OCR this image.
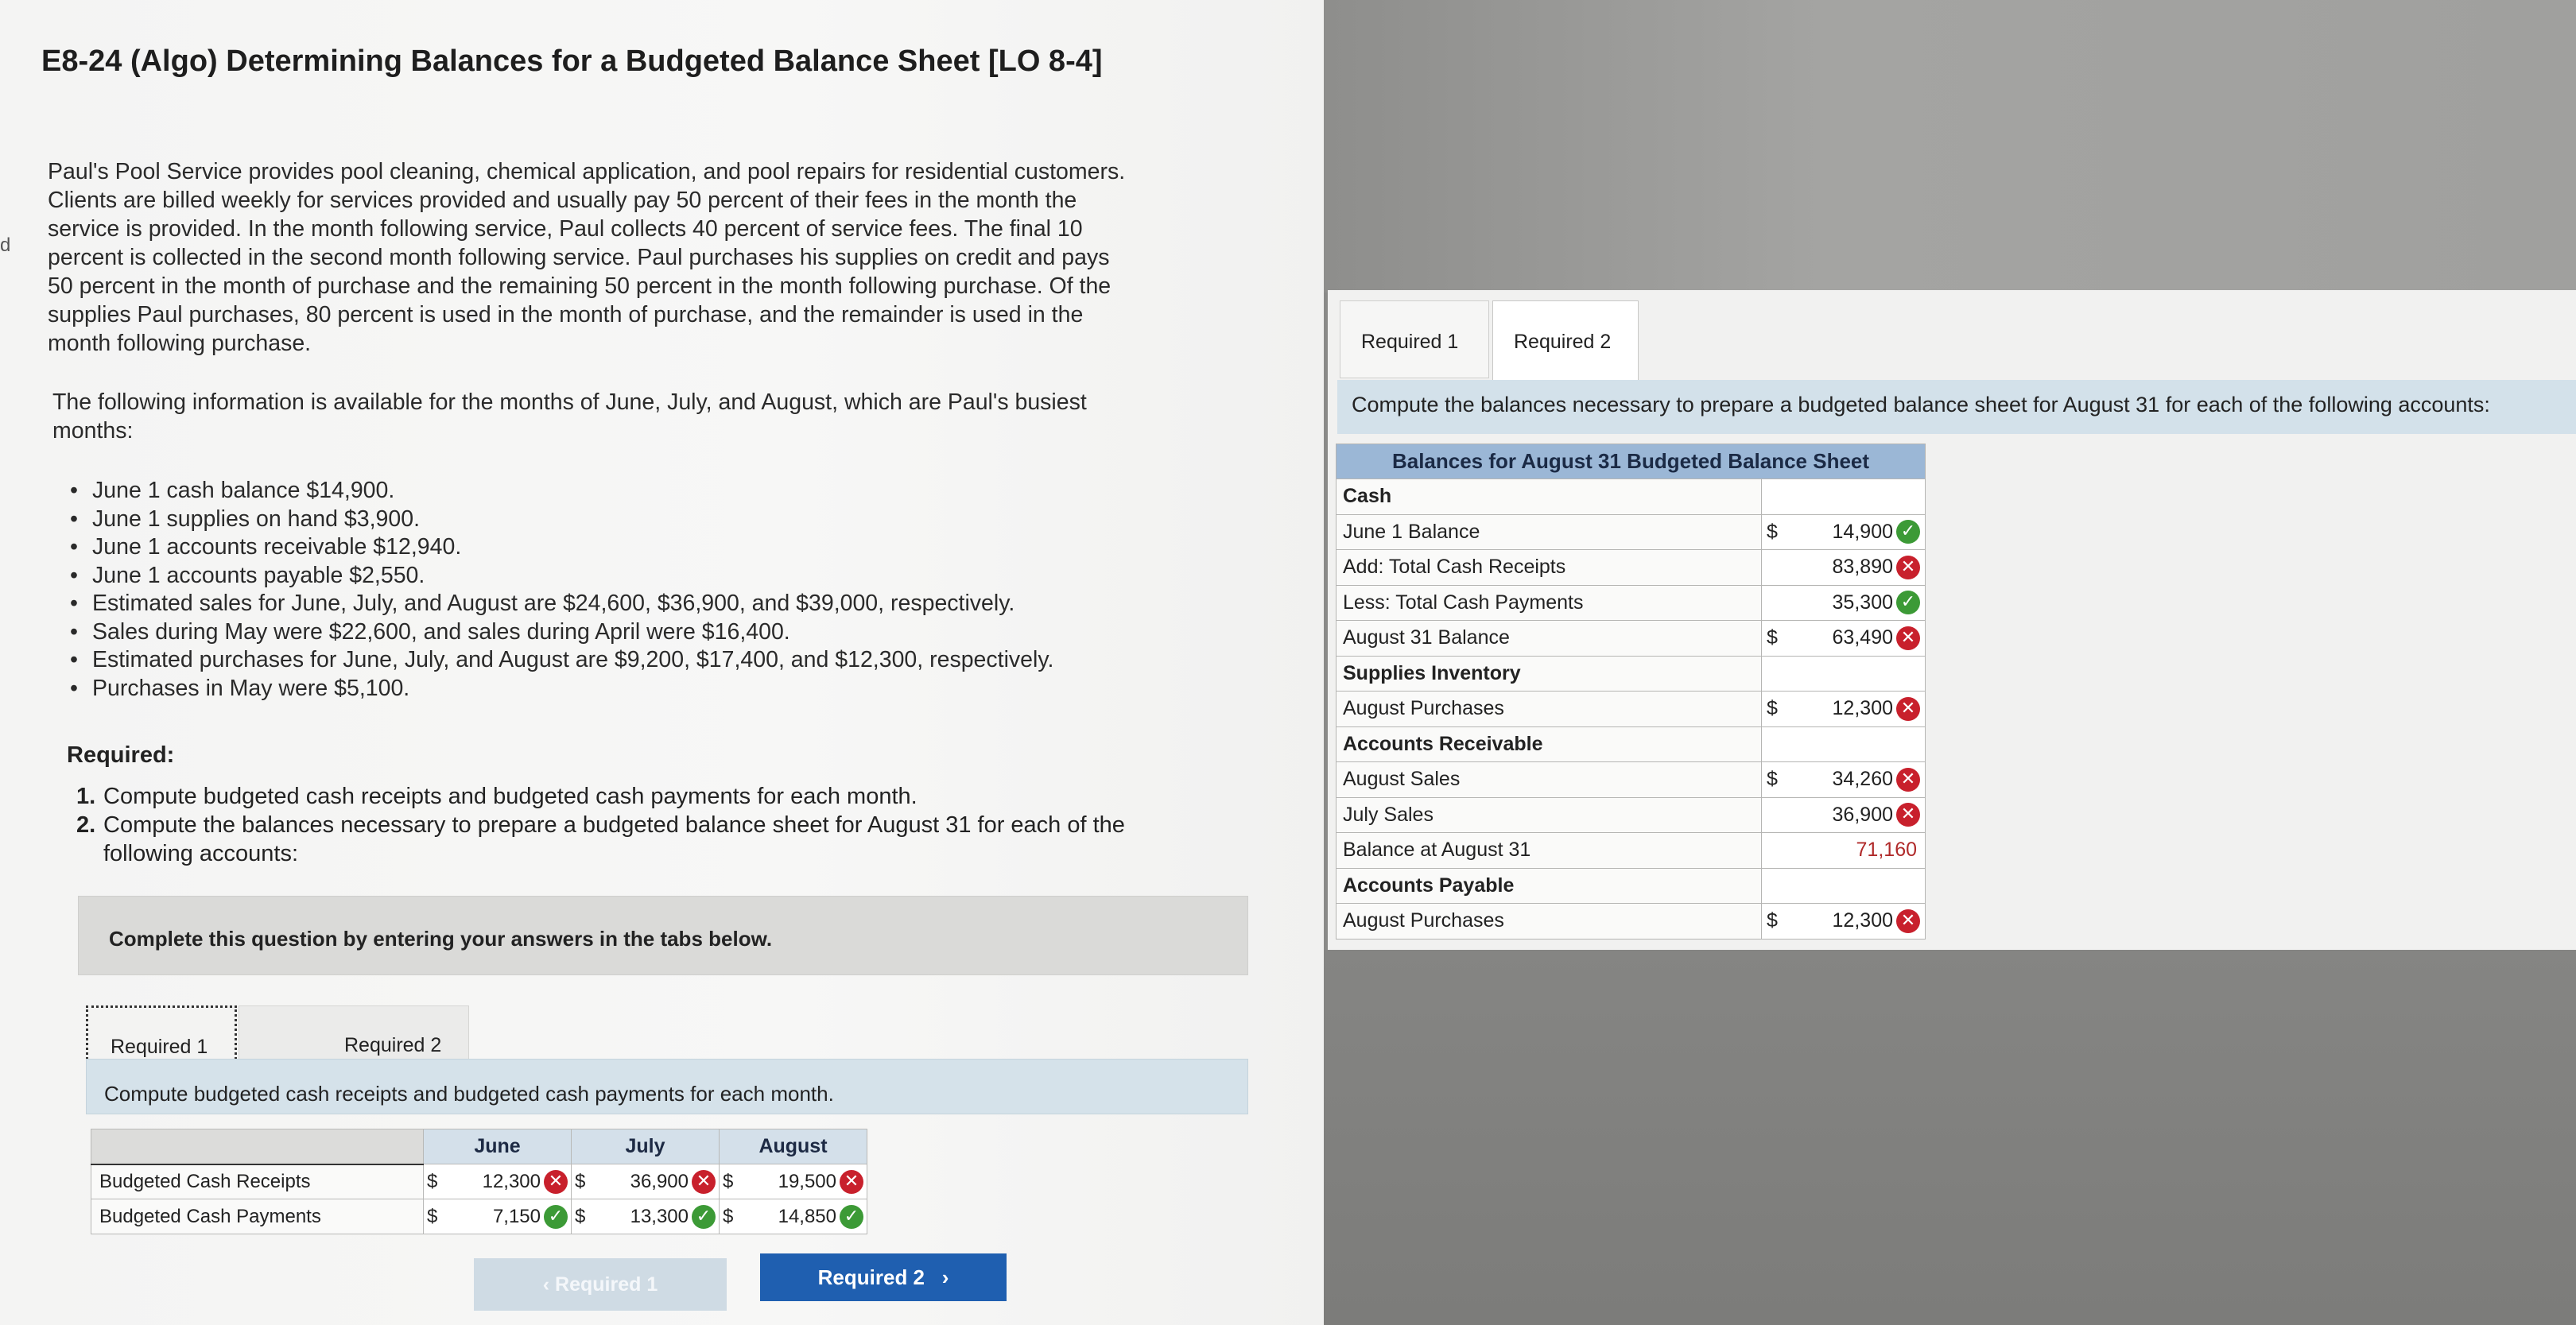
d
E8-24 (Algo) Determining Balances for a Budgeted Balance Sheet [LO 8-4]
Paul's Pool Service provides pool cleaning, chemical application, and pool repairs for residential customers.
Clients are billed weekly for services provided and usually pay 50 percent of their fees in the month the
service is provided. In the month following service, Paul collects 40 percent of service fees. The final 10
percent is collected in the second month following service. Paul purchases his supplies on credit and pays
50 percent in the month of purchase and the remaining 50 percent in the month following purchase. Of the
supplies Paul purchases, 80 percent is used in the month of purchase, and the remainder is used in the
month following purchase.
The following information is available for the months of June, July, and August, which are Paul's busiest
months:
• June 1 cash balance $14,900.
• June 1 supplies on hand $3,900.
• June 1 accounts receivable $12,940.
• June 1 accounts payable $2,550.
• Estimated sales for June, July, and August are $24,600, $36,900, and $39,000, respectively.
• Sales during May were $22,600, and sales during April were $16,400.
• Estimated purchases for June, July, and August are $9,200, $17,400, and $12,300, respectively.
• Purchases in May were $5,100.
Required:
1. Compute budgeted cash receipts and budgeted cash payments for each month.
2. Compute the balances necessary to prepare a budgeted balance sheet for August 31 for each of the
following accounts:
Complete this question by entering your answers in the tabs below.
Required 1	Required 2
Compute budgeted cash receipts and budgeted cash payments for each month.
	June	July	August
Budgeted Cash Receipts	$ 12,300 ✕	$ 36,900 ✕	$ 19,500 ✕

Budgeted Cash Payments	$ 7,150 ✓	$ 13,300 ✓	$ 14,850 ✓
‹ Required 1	Required 2   ›
Required 1	Required 2
Compute the balances necessary to prepare a budgeted balance sheet for August 31 for each of the following accounts:
Balances for August 31 Budgeted Balance Sheet	
Cash	
June 1 Balance	$ 14,900 ✓

Add: Total Cash Receipts	83,890 ✕

Less: Total Cash Payments	35,300 ✓

August 31 Balance	$ 63,490 ✕

Supplies Inventory	
August Purchases	$ 12,300 ✕

Accounts Receivable	
August Sales	$ 34,260 ✕

July Sales	36,900 ✕

Balance at August 31	71,160

Accounts Payable	
August Purchases	$ 12,300 ✕
